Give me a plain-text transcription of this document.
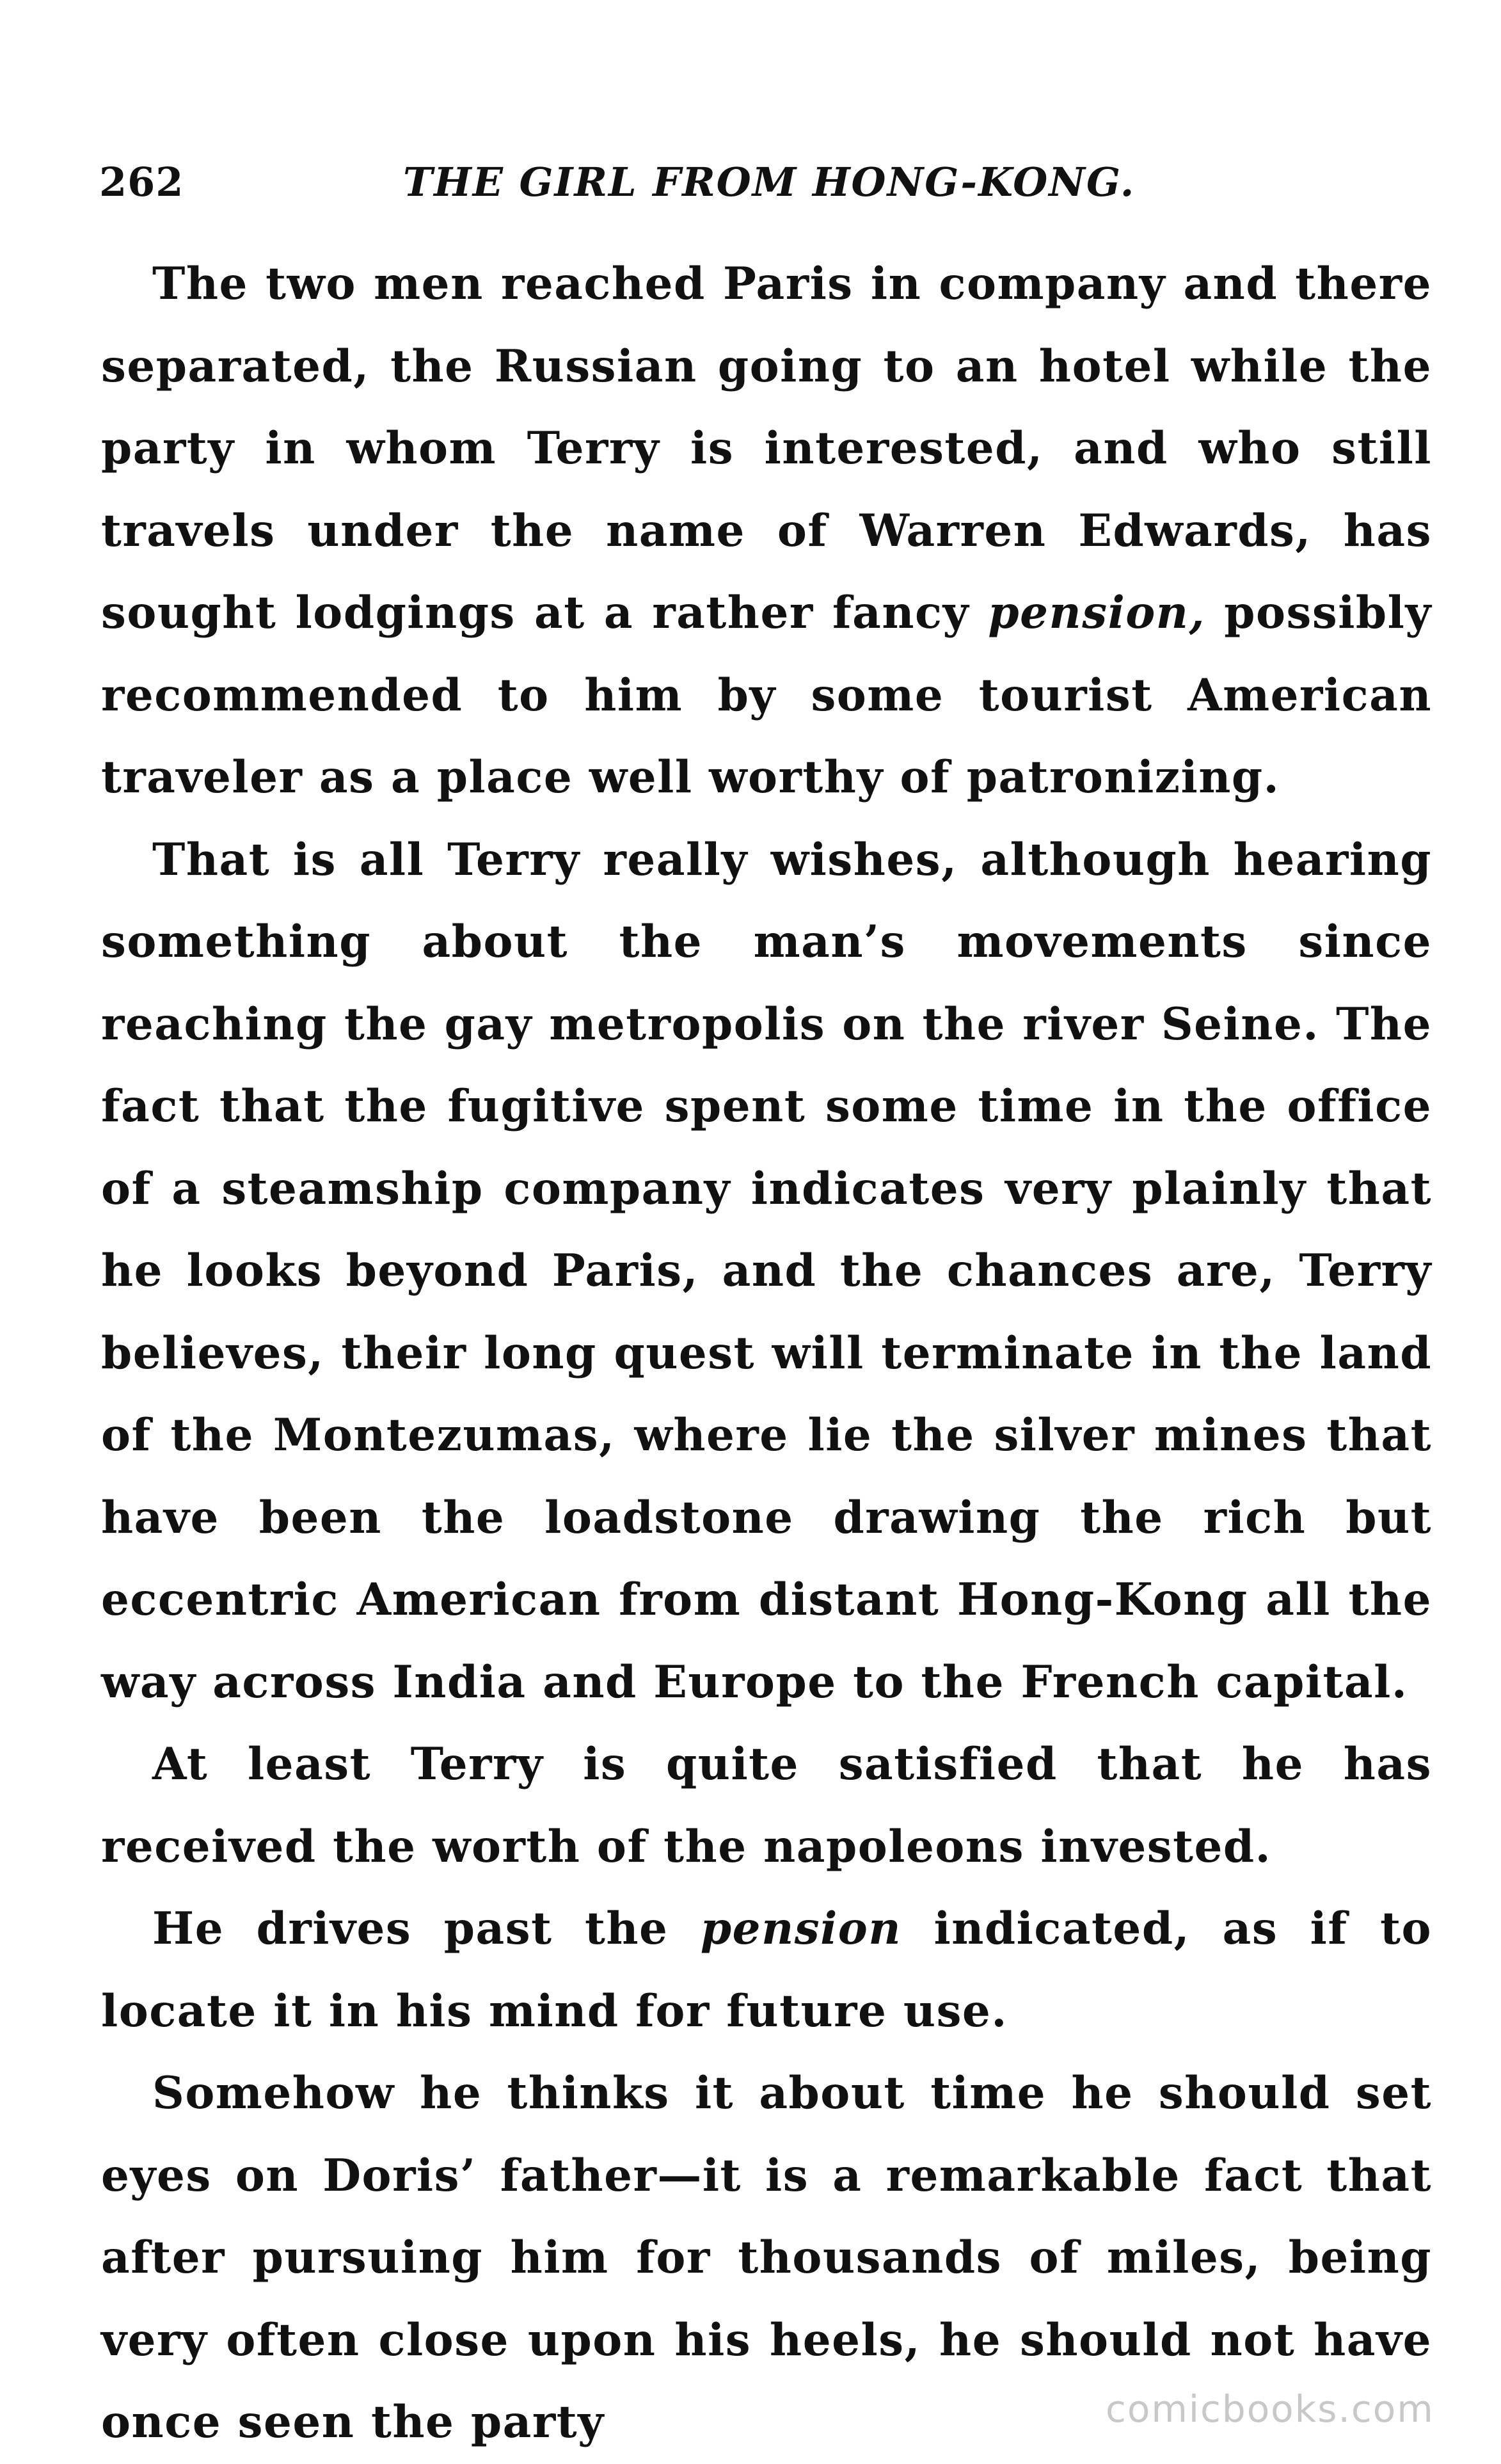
262	THE GIRL FROM HONG-KONG.

The two men reached Paris in company and there separated, the Russian going to an hotel while the party in whom Terry is interested, and who still travels under the name of Warren Edwards, has sought lodgings at a rather fancy pension, possibly recommended to him by some tourist American traveler as a place well worthy of patronizing.

That is all Terry really wishes, although hearing something about the man’s movements since reaching the gay metropolis on the river Seine. The fact that the fugitive spent some time in the office of a steamship company indicates very plainly that he looks beyond Paris, and the chances are, Terry believes, their long quest will terminate in the land of the Montezumas, where lie the silver mines that have been the loadstone drawing the rich but eccentric American from distant Hong-Kong all the way across India and Europe to the French capital.

At least Terry is quite satisfied that he has received the worth of the napoleons invested.

He drives past the pension indicated, as if to locate it in his mind for future use.

Somehow he thinks it about time he should set eyes on Doris’ father—it is a remarkable fact that after pursuing him for thousands of miles, being very often close upon his heels, he should not have once seen the party	comicbooks.com
